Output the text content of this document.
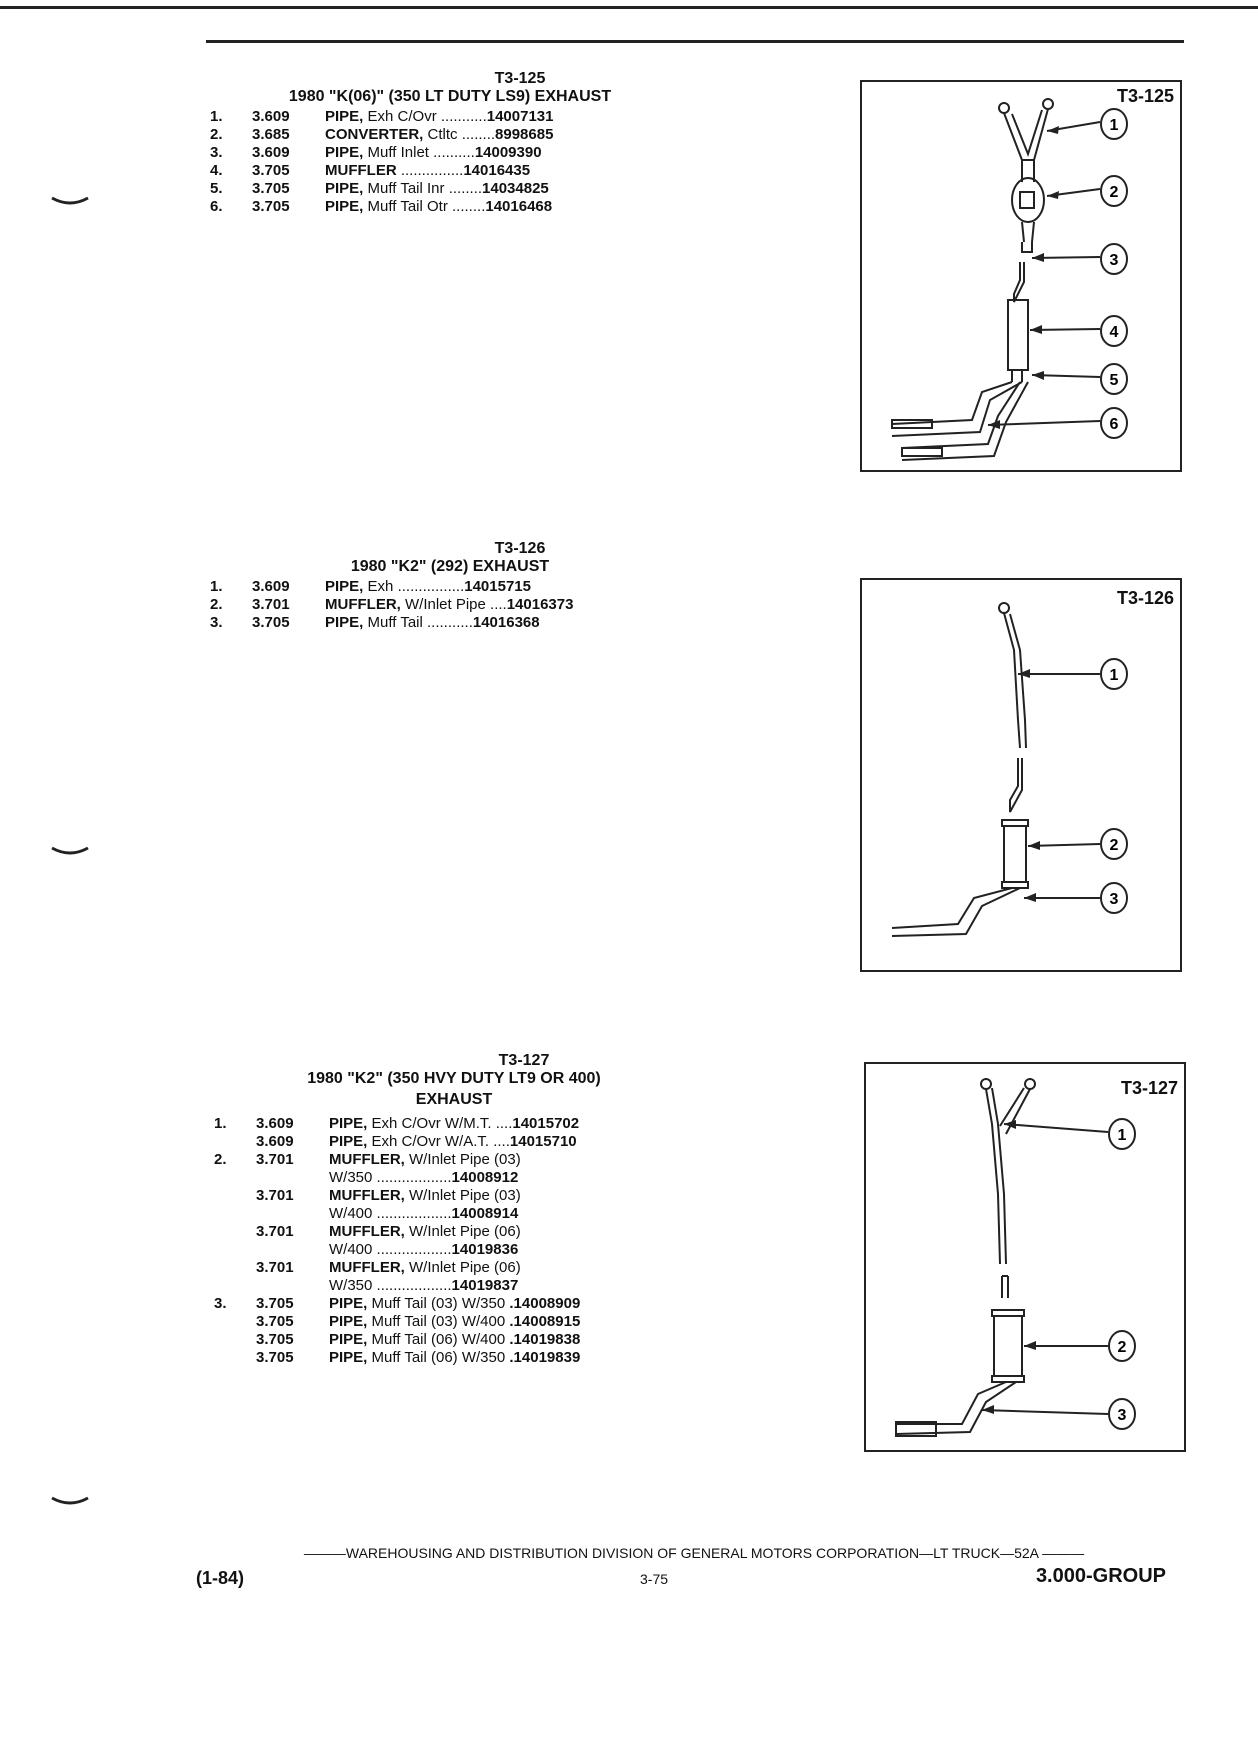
T3-125
1980 "K(06)" (350 LT DUTY LS9) EXHAUST
1.	3.609	PIPE, Exh C/Ovr ...........14007131
2.	3.685	CONVERTER, Ctltc ........8998685
3.	3.609	PIPE, Muff Inlet ..........14009390
4.	3.705	MUFFLER ...............14016435
5.	3.705	PIPE, Muff Tail Inr ........14034825
6.	3.705	PIPE, Muff Tail Otr ........14016468
T3-126
1980 "K2" (292) EXHAUST
1.	3.609	PIPE, Exh ................14015715
2.	3.701	MUFFLER, W/Inlet Pipe ....14016373
3.	3.705	PIPE, Muff Tail ...........14016368
T3-127
1980 "K2" (350 HVY DUTY LT9 OR 400)
EXHAUST
1.	3.609	PIPE, Exh C/Ovr W/M.T. ....14015702
3.609	PIPE, Exh C/Ovr W/A.T. ....14015710
2.	3.701	MUFFLER, W/Inlet Pipe (03)
W/350 ..................14008912
3.701	MUFFLER, W/Inlet Pipe (03)
W/400 ..................14008914
3.701	MUFFLER, W/Inlet Pipe (06)
W/400 ..................14019836
3.701	MUFFLER, W/Inlet Pipe (06)
W/350 ..................14019837
3.	3.705	PIPE, Muff Tail (03) W/350 .14008909
3.705	PIPE, Muff Tail (03) W/400 .14008915
3.705	PIPE, Muff Tail (06) W/400 .14019838
3.705	PIPE, Muff Tail (06) W/350 .14019839
T3-125
1
2
3
4
5
6
T3-126
1
2
3
T3-127
1
2
3
———WAREHOUSING AND DISTRIBUTION DIVISION OF GENERAL MOTORS CORPORATION—LT TRUCK—52A ———
(1-84)	3-75	3.000-GROUP
